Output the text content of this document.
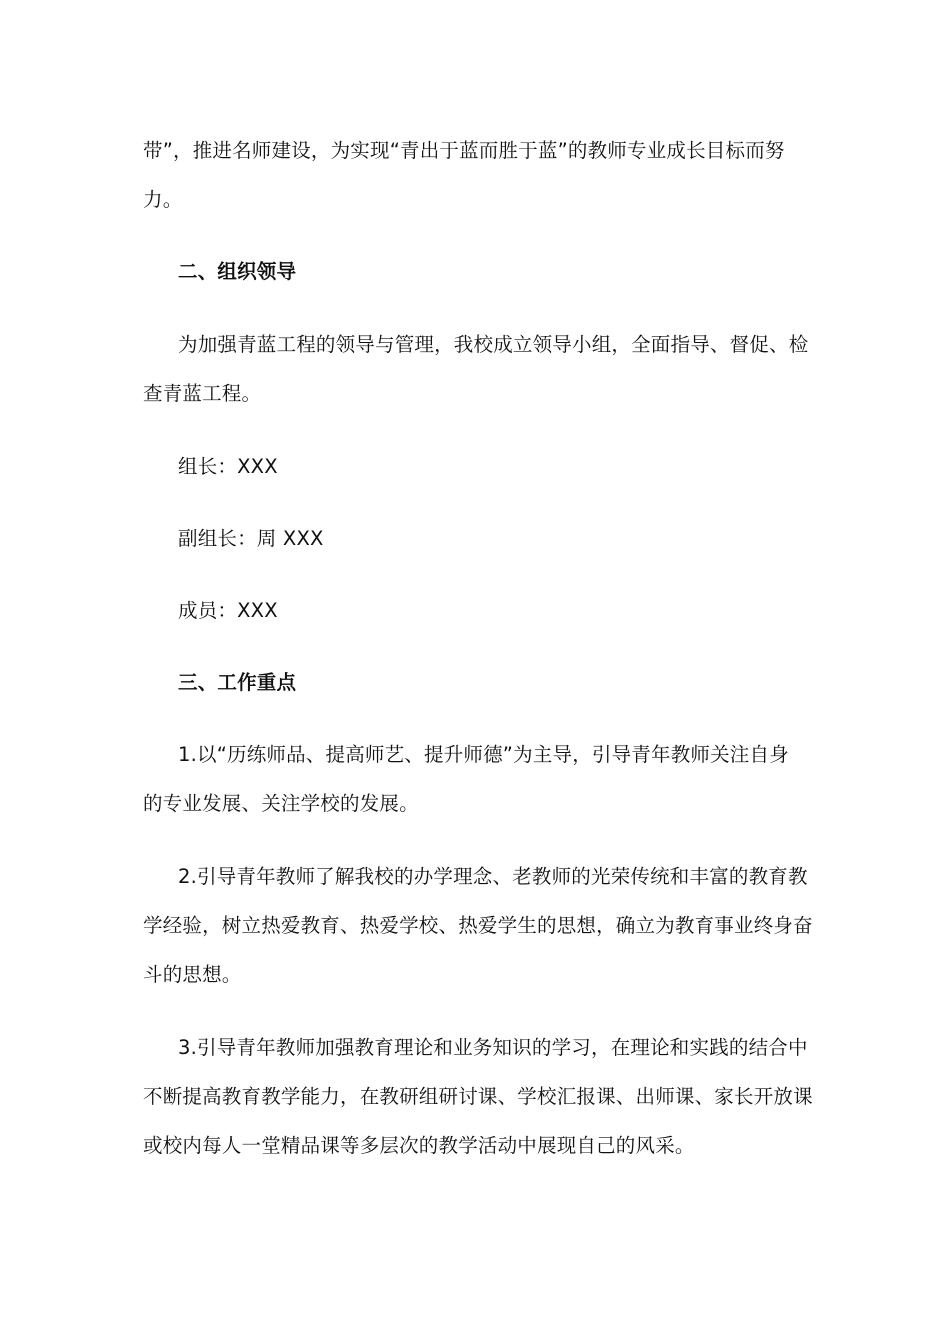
带”，推进名师建设，为实现“青出于蓝而胜于蓝”的教师专业成长目标而努
力。
二、组织领导
为加强青蓝工程的领导与管理，我校成立领导小组，全面指导、督促、检
查青蓝工程。
组长：XXX
副组长：周 XXX
成员：XXX
三、工作重点
1.以“历练师品、提高师艺、提升师德”为主导，引导青年教师关注自身
的专业发展、关注学校的发展。
2.引导青年教师了解我校的办学理念、老教师的光荣传统和丰富的教育教
学经验，树立热爱教育、热爱学校、热爱学生的思想，确立为教育事业终身奋
斗的思想。
3.引导青年教师加强教育理论和业务知识的学习，在理论和实践的结合中
不断提高教育教学能力，在教研组研讨课、学校汇报课、出师课、家长开放课
或校内每人一堂精品课等多层次的教学活动中展现自己的风采。
